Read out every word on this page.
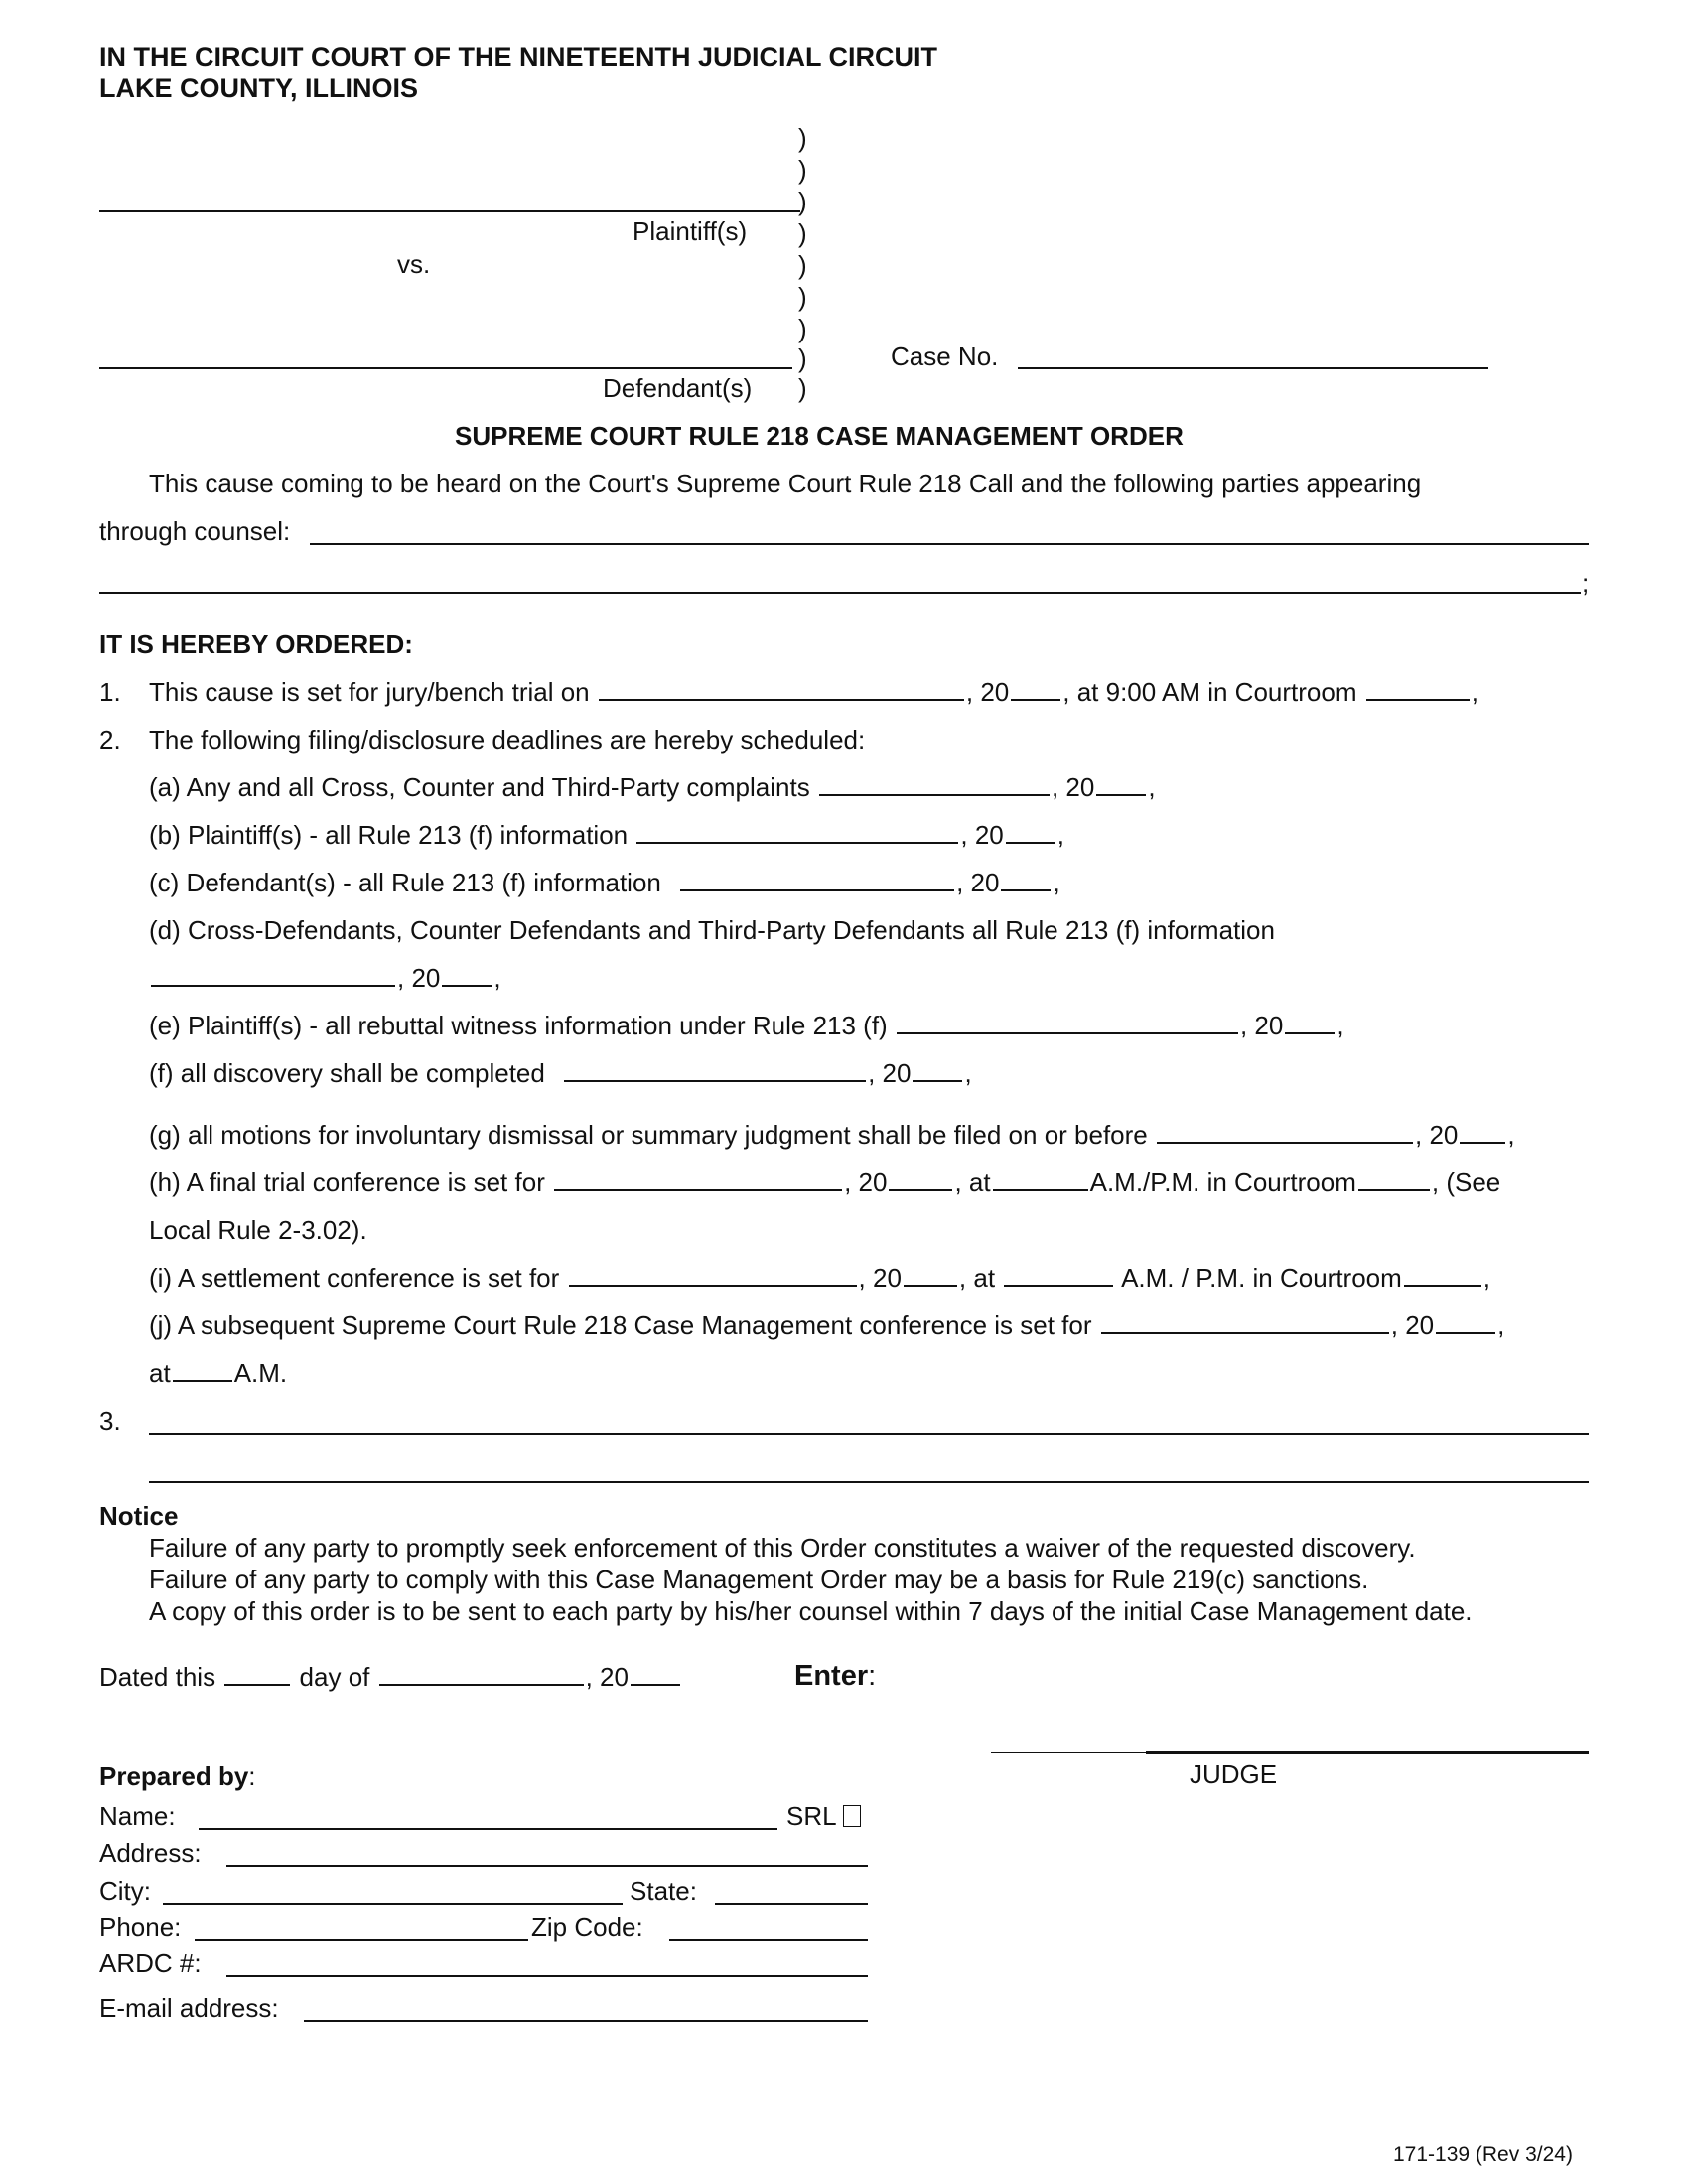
IN THE CIRCUIT COURT OF THE NINETEENTH JUDICIAL CIRCUIT
LAKE COUNTY, ILLINOIS
)
)
)
)
)
)
)
)
)
Plaintiff(s)
vs.
Defendant(s)
Case No.
SUPREME COURT RULE 218 CASE MANAGEMENT ORDER
This cause coming to be heard on the Court's Supreme Court Rule 218 Call and the following parties appearing
through counsel:
;
IT IS HEREBY ORDERED:
1. This cause is set for jury/bench trial on	, 20 , at 9:00 AM in Courtroom	,
2. The following filing/disclosure deadlines are hereby scheduled:
(a) Any and all Cross, Counter and Third-Party complaints	, 20 ,
(b) Plaintiff(s) - all Rule 213 (f) information	, 20 ,
(c) Defendant(s) - all Rule 213 (f) information	, 20 ,
(d) Cross-Defendants, Counter Defendants and Third-Party Defendants all Rule 213 (f) information
, 20 ,
(e) Plaintiff(s) - all rebuttal witness information under Rule 213 (f)	, 20 ,
(f) all discovery shall be completed	, 20 ,
(g) all motions for involuntary dismissal or summary judgment shall be filed on or before	, 20 ,
(h) A final trial conference is set for	, 20	, at	A.M./P.M. in Courtroom	, (See
Local Rule 2-3.02).
(i) A settlement conference is set for	, 20 , at	A.M. / P.M. in Courtroom	,
(j) A subsequent Supreme Court Rule 218 Case Management conference is set for	, 20 ,
at A.M.
3.
Notice
Failure of any party to promptly seek enforcement of this Order constitutes a waiver of the requested discovery.
Failure of any party to comply with this Case Management Order may be a basis for Rule 219(c) sanctions.
A copy of this order is to be sent to each party by his/her counsel within 7 days of the initial Case Management date.
Dated this	day of	, 20	Enter:
JUDGE
Prepared by:
Name:	SRL
Address:
City:	State:
Phone:	Zip Code:
ARDC #:
E-mail address:
171-139 (Rev 3/24)
